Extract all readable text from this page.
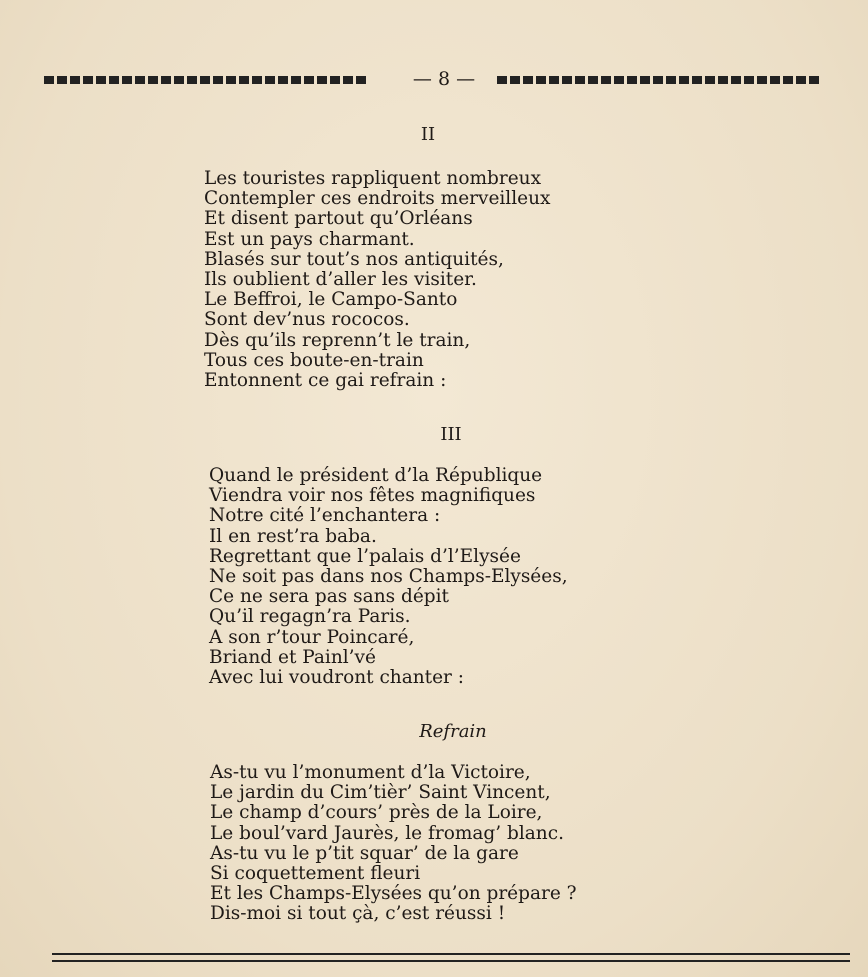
— 8 —
II
Les touristes rappliquent nombreux
Contempler ces endroits merveilleux
Et disent partout qu’Orléans
Est un pays charmant.
Blasés sur tout’s nos antiquités,
Ils oublient d’aller les visiter.
Le Beffroi, le Campo-Santo
Sont dev’nus rococos.
Dès qu’ils reprenn’t le train,
Tous ces boute-en-train
Entonnent ce gai refrain :
III
Quand le président d’la République
Viendra voir nos fêtes magnifiques
Notre cité l’enchantera :
Il en rest’ra baba.
Regrettant que l’palais d’l’Elysée
Ne soit pas dans nos Champs-Elysées,
Ce ne sera pas sans dépit
Qu’il regagn’ra Paris.
A son r’tour Poincaré,
Briand et Painl’vé
Avec lui voudront chanter :
Refrain
As-tu vu l’monument d’la Victoire,
Le jardin du Cim’tièr’ Saint Vincent,
Le champ d’cours’ près de la Loire,
Le boul’vard Jaurès, le fromag’ blanc.
As-tu vu le p’tit squar’ de la gare
Si coquettement fleuri
Et les Champs-Elysées qu’on prépare ?
Dis-moi si tout çà, c’est réussi !
